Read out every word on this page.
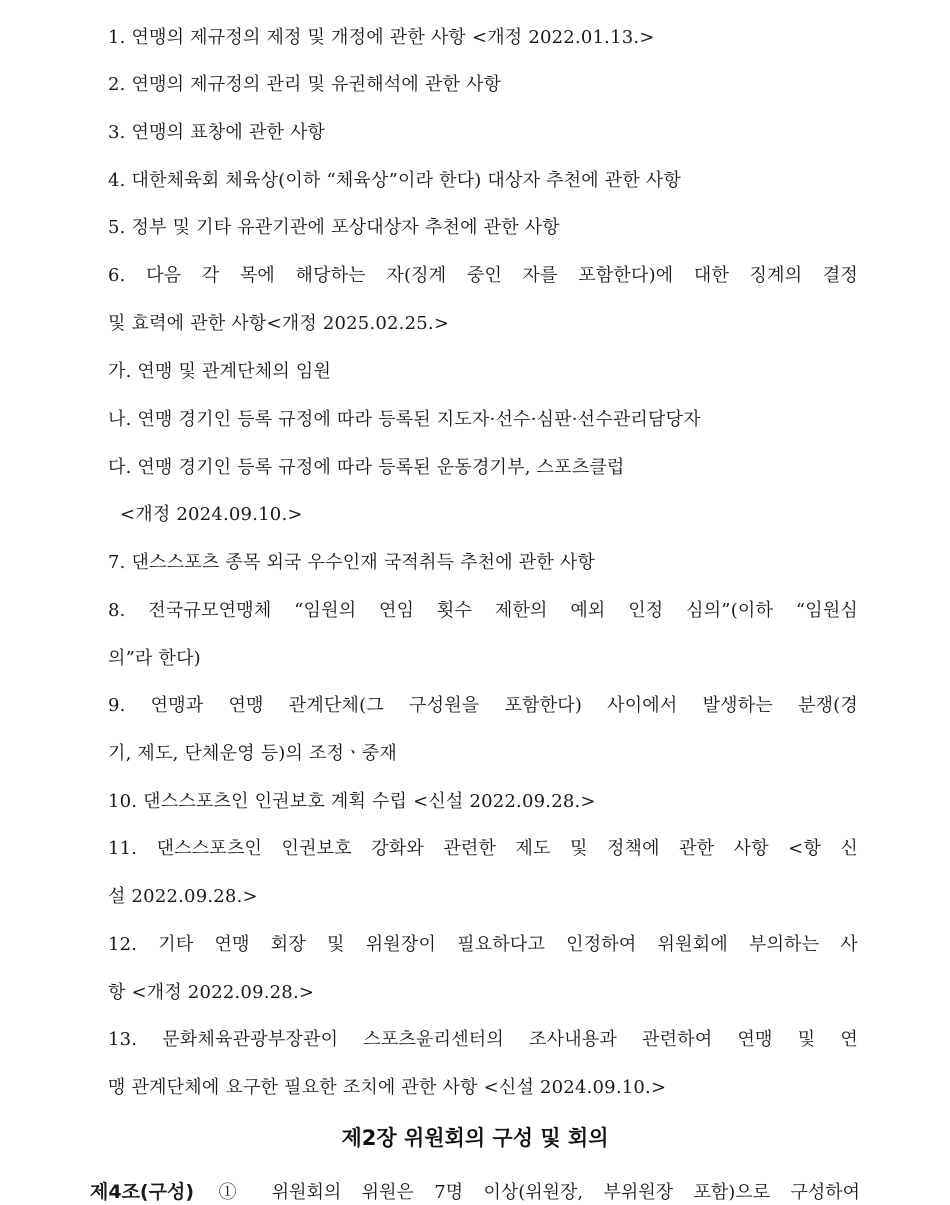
1. 연맹의 제규정의 제정 및 개정에 관한 사항 <개정 2022.01.13.>
2. 연맹의 제규정의 관리 및 유권해석에 관한 사항
3. 연맹의 표창에 관한 사항
4. 대한체육회 체육상(이하 “체육상”이라 한다) 대상자 추천에 관한 사항
5. 정부 및 기타 유관기관에 포상대상자 추천에 관한 사항
6. 다음 각 목에 해당하는 자(징계 중인 자를 포함한다)에 대한 징계의 결정
및 효력에 관한 사항<개정 2025.02.25.>
가. 연맹 및 관계단체의 임원
나. 연맹 경기인 등록 규정에 따라 등록된 지도자·선수·심판·선수관리담당자
다. 연맹 경기인 등록 규정에 따라 등록된 운동경기부, 스포츠클럽
<개정 2024.09.10.>
7. 댄스스포츠 종목 외국 우수인재 국적취득 추천에 관한 사항
8. 전국규모연맹체 “임원의 연임 횟수 제한의 예외 인정 심의”(이하 “임원심
의”라 한다)
9. 연맹과 연맹 관계단체(그 구성원을 포함한다) 사이에서 발생하는 분쟁(경
기, 제도, 단체운영 등)의 조정ㆍ중재
10. 댄스스포츠인 인권보호 계획 수립 <신설 2022.09.28.>
11. 댄스스포츠인 인권보호 강화와 관련한 제도 및 정책에 관한 사항 <항 신
설 2022.09.28.>
12. 기타 연맹 회장 및 위원장이 필요하다고 인정하여 위원회에 부의하는 사
항 <개정 2022.09.28.>
13. 문화체육관광부장관이 스포츠윤리센터의 조사내용과 관련하여 연맹 및 연
맹 관계단체에 요구한 필요한 조치에 관한 사항 <신설 2024.09.10.>
제2장 위원회의 구성 및 회의
제4조(구성) ① 위원회의 위원은 7명 이상(위원장, 부위원장 포함)으로 구성하여
